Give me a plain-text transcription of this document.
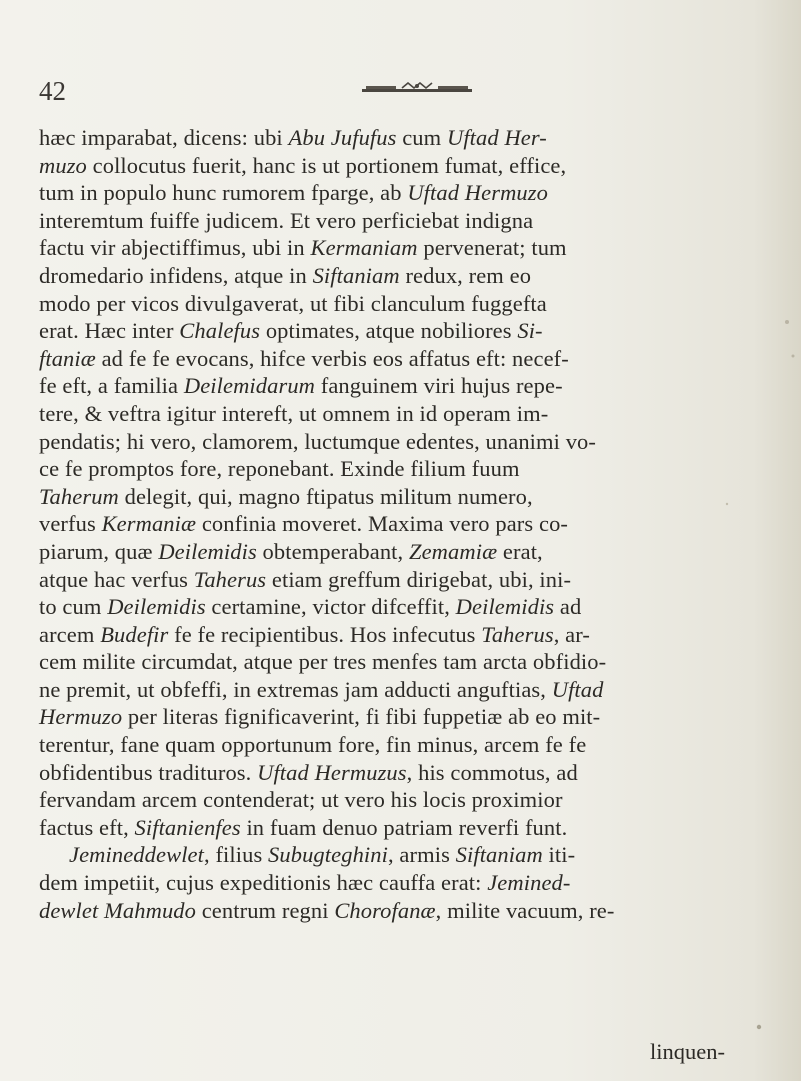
42
hæc imparabat, dicens: ubi Abu Jufufus cum Uftad Her-
muzo collocutus fuerit, hanc is ut portionem fumat, effice,
tum in populo hunc rumorem fparge, ab Uftad Hermuzo
interemtum fuiffe judicem. Et vero perficiebat indigna
factu vir abjectiffimus, ubi in Kermaniam pervenerat; tum
dromedario infidens, atque in Siftaniam redux, rem eo
modo per vicos divulgaverat, ut fibi clanculum fuggefta
erat. Hæc inter Chalefus optimates, atque nobiliores Si-
ftaniæ ad fe fe evocans, hifce verbis eos affatus eft: necef-
fe eft, a familia Deilemidarum fanguinem viri hujus repe-
tere, & veftra igitur intereft, ut omnem in id operam im-
pendatis; hi vero, clamorem, luctumque edentes, unanimi vo-
ce fe promptos fore, reponebant. Exinde filium fuum
Taherum delegit, qui, magno ftipatus militum numero,
verfus Kermaniæ confinia moveret. Maxima vero pars co-
piarum, quæ Deilemidis obtemperabant, Zemamiæ erat,
atque hac verfus Taherus etiam greffum dirigebat, ubi, ini-
to cum Deilemidis certamine, victor difceffit, Deilemidis ad
arcem Budefir fe fe recipientibus. Hos infecutus Taherus, ar-
cem milite circumdat, atque per tres menfes tam arcta obfidio-
ne premit, ut obfeffi, in extremas jam adducti anguftias, Uftad
Hermuzo per literas fignificaverint, fi fibi fuppetiæ ab eo mit-
terentur, fane quam opportunum fore, fin minus, arcem fe fe
obfidentibus tradituros. Uftad Hermuzus, his commotus, ad
fervandam arcem contenderat; ut vero his locis proximior
factus eft, Siftanienfes in fuam denuo patriam reverfi funt.
Jemineddewlet, filius Subugteghini, armis Siftaniam iti-
dem impetiit, cujus expeditionis hæc cauffa erat: Jemined-
dewlet Mahmudo centrum regni Chorofanæ, milite vacuum, re-
linquen-
